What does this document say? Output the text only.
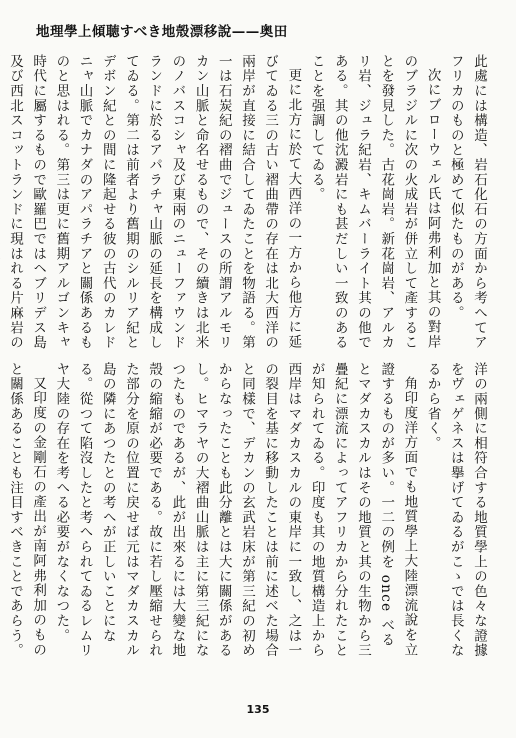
地理學上傾聴すべき地殼漂移說——奥田

此處には構造、岩石化石の方面から考へてアフリカのものと極めて似たものがある。

次にブローウェル氏は阿弗利加と其の對岸のブラジルに次の火成岩が併立して產することを發見した。古花崗岩。新花崗岩、アルカリ岩、ジュラ紀岩、キムバーライト其の他である。其の他沈澱岩にも甚だしい一致のあることを强調してゐる。

更に北方に於て大西洋の一方から他方に延びてゐる三の古い褶曲帶の存在は北大西洋の兩岸が直接に結合してゐたことを物語る。第一は石炭紀の褶曲でジュースの所謂アルモリカン山脈と命名せるもので、その續きは北米のノバスコシャ及び東兩のニューファウンドランドに於るアパラチャ山脈の延長を構成してゐる。第二は前者より舊期のシルリア紀とデボン紀との間に隆起せる彼の古代のカレドニャ山脈でカナダのアパラチアと關係あるものと思はれる。第三は更に舊期アルゴンキャ時代に屬するもので歐羅巴ではヘブリデス島及び西北スコットランドに現はれる片麻岩の

洋の兩側に相符合する地質學上の色々な證據をヴェゲネスは擧げてゐるがこゝでは長くなるから省く。

角印度洋方面でも地質學上大陸漂流說を立證するものが多い。一二の例を once べるとマダカスカルはその地質と其の生物から三疊紀に漂流によってアフリカから分れたことが知られてゐる。印度も其の地質構造上から西岸はマダカスカルの東岸に一致し、之は一の裂目を基に移動したことは前に述べた場合と同樣で、デカンの玄武岩床が第三紀の初めからなったことも此分離とは大に關係があるし。ヒマラヤの大褶曲山脈は主に第三紀になつたものであるが、此が出來るには大變な地殼の縮縮が必要である。故に若し壓縮せられた部分を原の位置に戻せば元はマダカスカル島の隣にあつたとの考へが正しいことになる。從つて陷沒したと考へられてゐるレムリヤ大陸の存在を考へる必要がなくなつた。

又印度の金剛石の產出が南阿弗利加のものと關係あることも注目すべきことであらう。

135
